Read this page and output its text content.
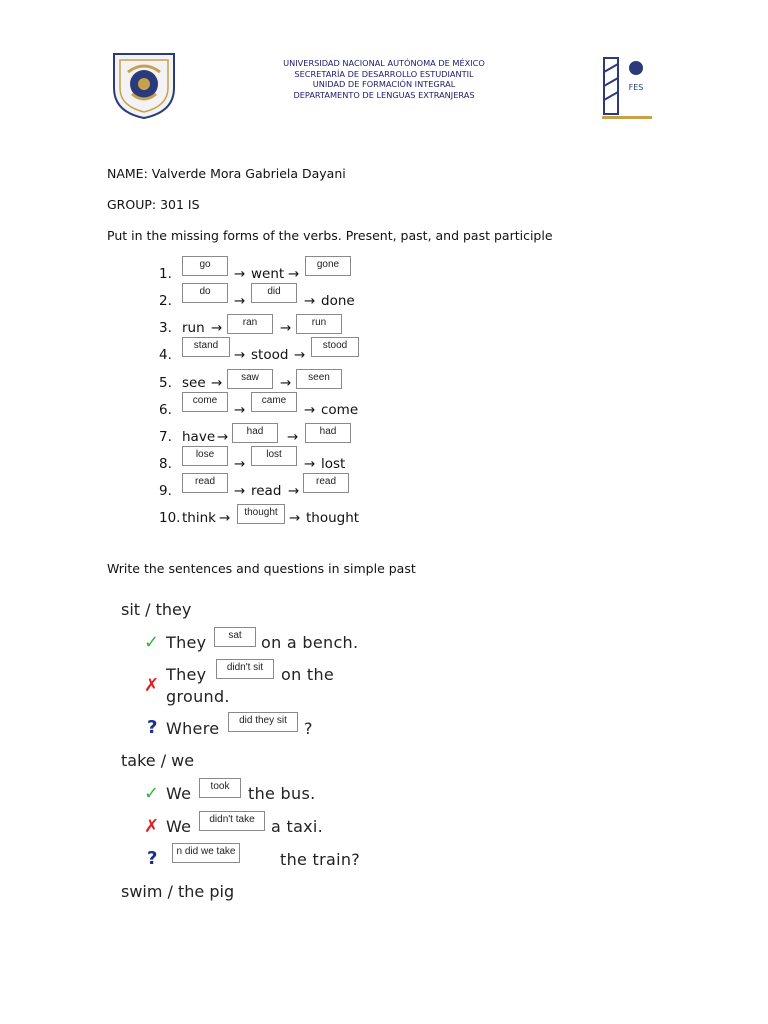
UNIVERSIDAD NACIONAL AUTÓNOMA DE MÉXICO
SECRETARÍA DE DESARROLLO ESTUDIANTIL
UNIDAD DE FORMACIÓN INTEGRAL
DEPARTAMENTO DE LENGUAS EXTRANJERAS
FES
NAME: Valverde Mora Gabriela Dayani
GROUP: 301 IS
Put in the missing forms of the verbs. Present, past, and past participle
1.
go
→ went →
gone
2.
do
→
did
→ done
3. run →	ran	→	run
4.
stand
→ stood →
stood
5. see →	saw	→	seen
6.
come
→
came
→ come
7. have →	had	→	had
8.
lose
→
lost
→ lost
9.
read
→ read →
read
10. think →	thought → thought
Write the sentences and questions in simple past
sit / they
✓ They	sat	on a bench.
✗
They	didn't sit	on the
ground.
? Where	did they sit	?
take / we
✓ We	took	the bus.
✗ We	didn't take	a taxi.
?	n did we take	the train?
swim / the pig
